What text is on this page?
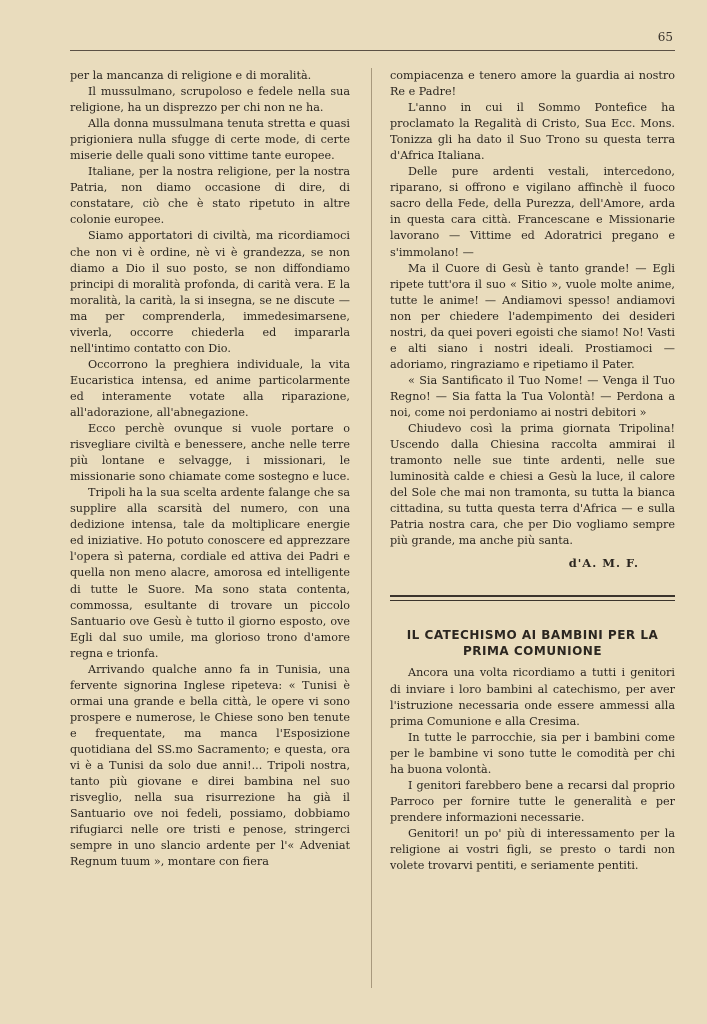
65

per la mancanza di religione e di moralità.

Il mussulmano, scrupoloso e fedele nella sua religione, ha un disprezzo per chi non ne ha.

Alla donna mussulmana tenuta stretta e quasi prigioniera nulla sfugge di certe mode, di certe miserie delle quali sono vittime tante europee.

Italiane, per la nostra religione, per la nostra Patria, non diamo occasione di dire, di constatare, ciò che è stato ripetuto in altre colonie europee.

Siamo apportatori di civiltà, ma ricordiamoci che non vi è ordine, nè vi è grandezza, se non diamo a Dio il suo posto, se non diffondiamo principi di moralità profonda, di carità vera. E la moralità, la carità, la si insegna, se ne discute — ma per comprenderla, immedesimarsene, viverla, occorre chiederla ed impararla nell'intimo contatto con Dio.

Occorrono la preghiera individuale, la vita Eucaristica intensa, ed anime particolarmente ed interamente votate alla riparazione, all'adorazione, all'abnegazione.

Ecco perchè ovunque si vuole portare o risvegliare civiltà e benessere, anche nelle terre più lontane e selvagge, i missionari, le missionarie sono chiamate come sostegno e luce.

Tripoli ha la sua scelta ardente falange che sa supplire alla scarsità del numero, con una dedizione intensa, tale da moltiplicare energie ed iniziative. Ho potuto conoscere ed apprezzare l'opera sì paterna, cordiale ed attiva dei Padri e quella non meno alacre, amorosa ed intelligente di tutte le Suore. Ma sono stata contenta, commossa, esultante di trovare un piccolo Santuario ove Gesù è tutto il giorno esposto, ove Egli dal suo umile, ma glorioso trono d'amore regna e trionfa.

Arrivando qualche anno fa in Tunisia, una fervente signorina Inglese ripeteva: « Tunisi è ormai una grande e bella città, le opere vi sono prospere e numerose, le Chiese sono ben tenute e frequentate, ma manca l'Esposizione quotidiana del SS.mo Sacramento; e questa, ora vi è a Tunisi da solo due anni!... Tripoli nostra, tanto più giovane e direi bambina nel suo risveglio, nella sua risurrezione ha già il Santuario ove noi fedeli, possiamo, dobbiamo rifugiarci nelle ore tristi e penose, stringerci sempre in uno slancio ardente per l'« Adveniat Regnum tuum », montare con fiera

compiacenza e tenero amore la guardia ai nostro Re e Padre!

L'anno in cui il Sommo Pontefice ha proclamato la Regalità di Cristo, Sua Ecc. Mons. Tonizza gli ha dato il Suo Trono su questa terra d'Africa Italiana.

Delle pure ardenti vestali, intercedono, riparano, si offrono e vigilano affinchè il fuoco sacro della Fede, della Purezza, dell'Amore, arda in questa cara città. Francescane e Missionarie lavorano — Vittime ed Adoratrici pregano e s'immolano! —

Ma il Cuore di Gesù è tanto grande! — Egli ripete tutt'ora il suo « Sitio », vuole molte anime, tutte le anime! — Andiamovi spesso! andiamovi non per chiedere l'adempimento dei desideri nostri, da quei poveri egoisti che siamo! No! Vasti e alti siano i nostri ideali. Prostiamoci — adoriamo, ringraziamo e ripetiamo il Pater.

« Sia Santificato il Tuo Nome! — Venga il Tuo Regno! — Sia fatta la Tua Volontà! — Perdona a noi, come noi perdoniamo ai nostri debitori »

Chiudevo così la prima giornata Tripolina! Uscendo dalla Chiesina raccolta ammirai il tramonto nelle sue tinte ardenti, nelle sue luminosità calde e chiesi a Gesù la luce, il calore del Sole che mai non tramonta, su tutta la bianca cittadina, su tutta questa terra d'Africa — e sulla Patria nostra cara, che per Dio vogliamo sempre più grande, ma anche più santa.

d'A. M. F.
IL CATECHISMO AI BAMBINI PER LA PRIMA COMUNIONE

Ancora una volta ricordiamo a tutti i genitori di inviare i loro bambini al catechismo, per aver l'istruzione necessaria onde essere ammessi alla prima Comunione e alla Cresima.

In tutte le parrocchie, sia per i bambini come per le bambine vi sono tutte le comodità per chi ha buona volontà.

I genitori farebbero bene a recarsi dal proprio Parroco per fornire tutte le generalità e per prendere informazioni necessarie.

Genitori! un po' più di interessamento per la religione ai vostri figli, se presto o tardi non volete trovarvi pentiti, e seriamente pentiti.
